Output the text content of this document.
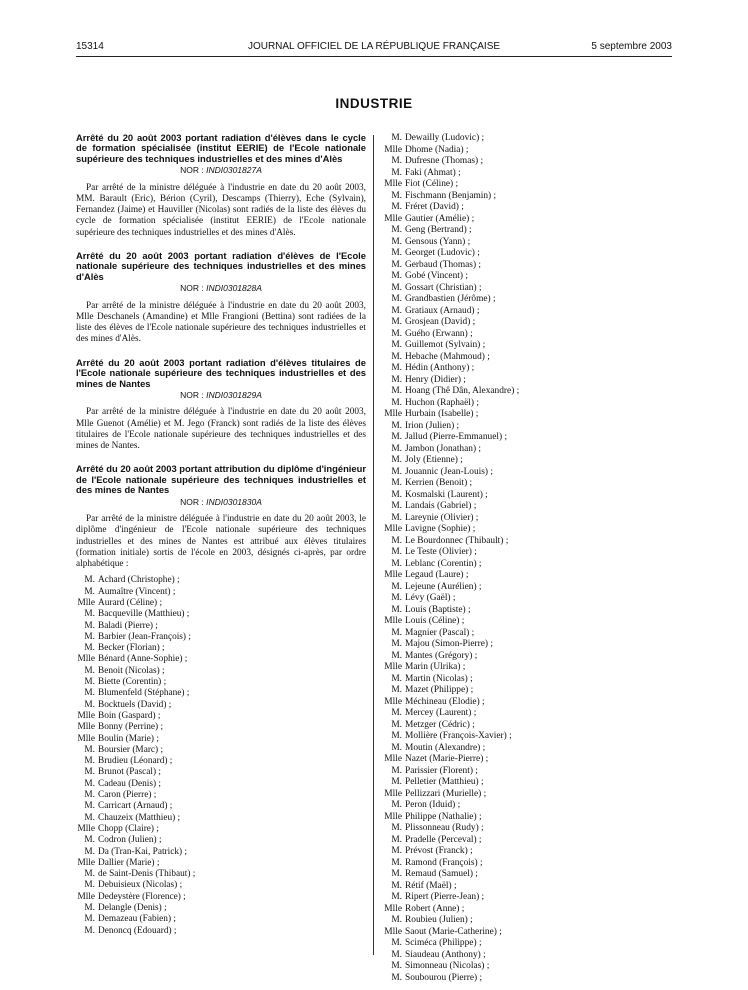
15314	JOURNAL OFFICIEL DE LA RÉPUBLIQUE FRANÇAISE	5 septembre 2003
INDUSTRIE
Arrêté du 20 août 2003 portant radiation d'élèves dans le cycle de formation spécialisée (institut EERIE) de l'Ecole nationale supérieure des techniques industrielles et des mines d'Alès
NOR : INDI0301827A
Par arrêté de la ministre déléguée à l'industrie en date du 20 août 2003, MM. Barault (Eric), Bérion (Cyril), Descamps (Thierry), Eche (Sylvain), Fernandez (Jaime) et Hauviller (Nicolas) sont radiés de la liste des élèves du cycle de formation spécialisée (institut EERIE) de l'Ecole nationale supérieure des techniques industrielles et des mines d'Alès.
Arrêté du 20 août 2003 portant radiation d'élèves de l'Ecole nationale supérieure des techniques industrielles et des mines d'Alès
NOR : INDI0301828A
Par arrêté de la ministre déléguée à l'industrie en date du 20 août 2003, Mlle Deschanels (Amandine) et Mlle Frangioni (Bettina) sont radiées de la liste des élèves de l'Ecole nationale supérieure des techniques industrielles et des mines d'Alès.
Arrêté du 20 août 2003 portant radiation d'élèves titulaires de l'Ecole nationale supérieure des techniques industrielles et des mines de Nantes
NOR : INDI0301829A
Par arrêté de la ministre déléguée à l'industrie en date du 20 août 2003, Mlle Guenot (Amélie) et M. Jego (Franck) sont radiés de la liste des élèves titulaires de l'Ecole nationale supérieure des techniques industrielles et des mines de Nantes.
Arrêté du 20 août 2003 portant attribution du diplôme d'ingénieur de l'Ecole nationale supérieure des techniques industrielles et des mines de Nantes
NOR : INDI0301830A
Par arrêté de la ministre déléguée à l'industrie en date du 20 août 2003, le diplôme d'ingénieur de l'Ecole nationale supérieure des techniques industrielles et des mines de Nantes est attribué aux élèves titulaires (formation initiale) sortis de l'école en 2003, désignés ci-après, par ordre alphabétique :
M. Achard (Christophe) ;
M. Aumaître (Vincent) ;
Mlle Aurard (Céline) ;
M. Bacqueville (Matthieu) ;
M. Baladi (Pierre) ;
M. Barbier (Jean-François) ;
M. Becker (Florian) ;
Mlle Bénard (Anne-Sophie) ;
M. Benoit (Nicolas) ;
M. Biette (Corentin) ;
M. Blumenfeld (Stéphane) ;
M. Bocktuels (David) ;
Mlle Boin (Gaspard) ;
Mlle Bonny (Perrine) ;
Mlle Boulin (Marie) ;
M. Boursier (Marc) ;
M. Brudieu (Léonard) ;
M. Brunot (Pascal) ;
M. Cadeau (Denis) ;
M. Caron (Pierre) ;
M. Carricart (Arnaud) ;
M. Chauzeix (Matthieu) ;
Mlle Chopp (Claire) ;
M. Codron (Julien) ;
M. Da (Tran-Kai, Patrick) ;
Mlle Dallier (Marie) ;
M. de Saint-Denis (Thibaut) ;
M. Debuisieux (Nicolas) ;
Mlle Dedeystère (Florence) ;
M. Delangle (Denis) ;
M. Demazeau (Fabien) ;
M. Denoncq (Edouard) ;
M. Dewailly (Ludovic) ;
Mlle Dhome (Nadia) ;
M. Dufresne (Thomas) ;
M. Faki (Ahmat) ;
Mlle Fiot (Céline) ;
M. Fischmann (Benjamin) ;
M. Fréret (David) ;
Mlle Gautier (Amélie) ;
M. Geng (Bertrand) ;
M. Gensous (Yann) ;
M. Georget (Ludovic) ;
M. Gerbaud (Thomas) ;
M. Gobé (Vincent) ;
M. Gossart (Christian) ;
M. Grandbastien (Jérôme) ;
M. Gratiaux (Arnaud) ;
M. Grosjean (David) ;
M. Guého (Erwann) ;
M. Guillemot (Sylvain) ;
M. Hebache (Mahmoud) ;
M. Hédin (Anthony) ;
M. Henry (Didier) ;
M. Hoang (Thê Dân, Alexandre) ;
M. Huchon (Raphaël) ;
Mlle Hurbain (Isabelle) ;
M. Irion (Julien) ;
M. Jallud (Pierre-Emmanuel) ;
M. Jambon (Jonathan) ;
M. Joly (Etienne) ;
M. Jouannic (Jean-Louis) ;
M. Kerrien (Benoit) ;
M. Kosmalski (Laurent) ;
M. Landais (Gabriel) ;
M. Lareynie (Olivier) ;
Mlle Lavigne (Sophie) ;
M. Le Bourdonnec (Thibault) ;
M. Le Teste (Olivier) ;
M. Leblanc (Corentin) ;
Mlle Legaud (Laure) ;
M. Lejeune (Aurélien) ;
M. Lévy (Gaël) ;
M. Louis (Baptiste) ;
Mlle Louis (Céline) ;
M. Magnier (Pascal) ;
M. Majou (Simon-Pierre) ;
M. Mantes (Grégory) ;
Mlle Marin (Ulrika) ;
M. Martin (Nicolas) ;
M. Mazet (Philippe) ;
Mlle Méchineau (Elodie) ;
M. Mercey (Laurent) ;
M. Metzger (Cédric) ;
M. Mollière (François-Xavier) ;
M. Moutin (Alexandre) ;
Mlle Nazet (Marie-Pierre) ;
M. Parissier (Florent) ;
M. Pelletier (Matthieu) ;
Mlle Pellizzari (Murielle) ;
M. Peron (Iduid) ;
Mlle Philippe (Nathalie) ;
M. Plissonneau (Rudy) ;
M. Pradelle (Perceval) ;
M. Prévost (Franck) ;
M. Ramond (François) ;
M. Remaud (Samuel) ;
M. Rétif (Maël) ;
M. Ripert (Pierre-Jean) ;
Mlle Robert (Anne) ;
M. Roubieu (Julien) ;
Mlle Saout (Marie-Catherine) ;
M. Sciméca (Philippe) ;
M. Siaudeau (Anthony) ;
M. Simonneau (Nicolas) ;
M. Soubourou (Pierre) ;
